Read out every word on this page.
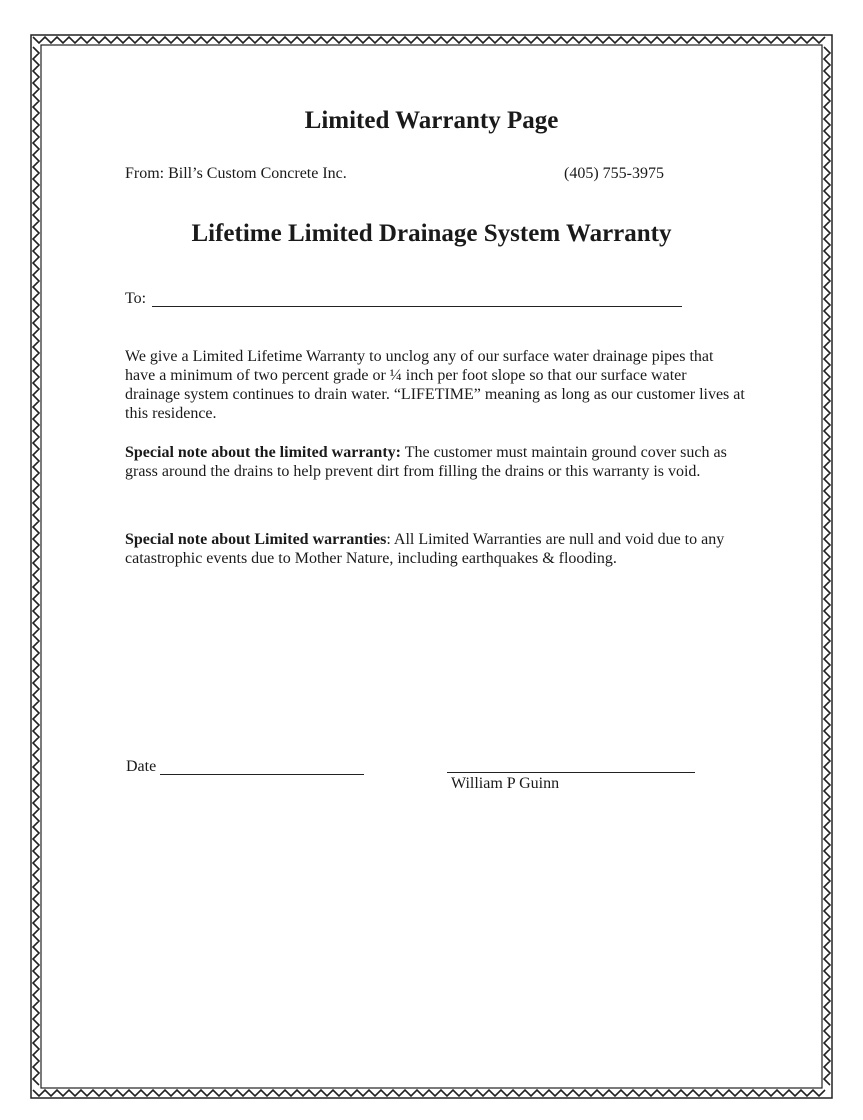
Limited Warranty Page
From: Bill’s Custom Concrete Inc.	(405) 755-3975
Lifetime Limited Drainage System Warranty
To:
We give a Limited Lifetime Warranty to unclog any of our surface water drainage pipes that have a minimum of two percent grade or ¼ inch per foot slope so that our surface water drainage system continues to drain water. “LIFETIME” meaning as long as our customer lives at this residence.
Special note about the limited warranty: The customer must maintain ground cover such as grass around the drains to help prevent dirt from filling the drains or this warranty is void.
Special note about Limited warranties: All Limited Warranties are null and void due to any catastrophic events due to Mother Nature, including earthquakes & flooding.
Date
William P Guinn
